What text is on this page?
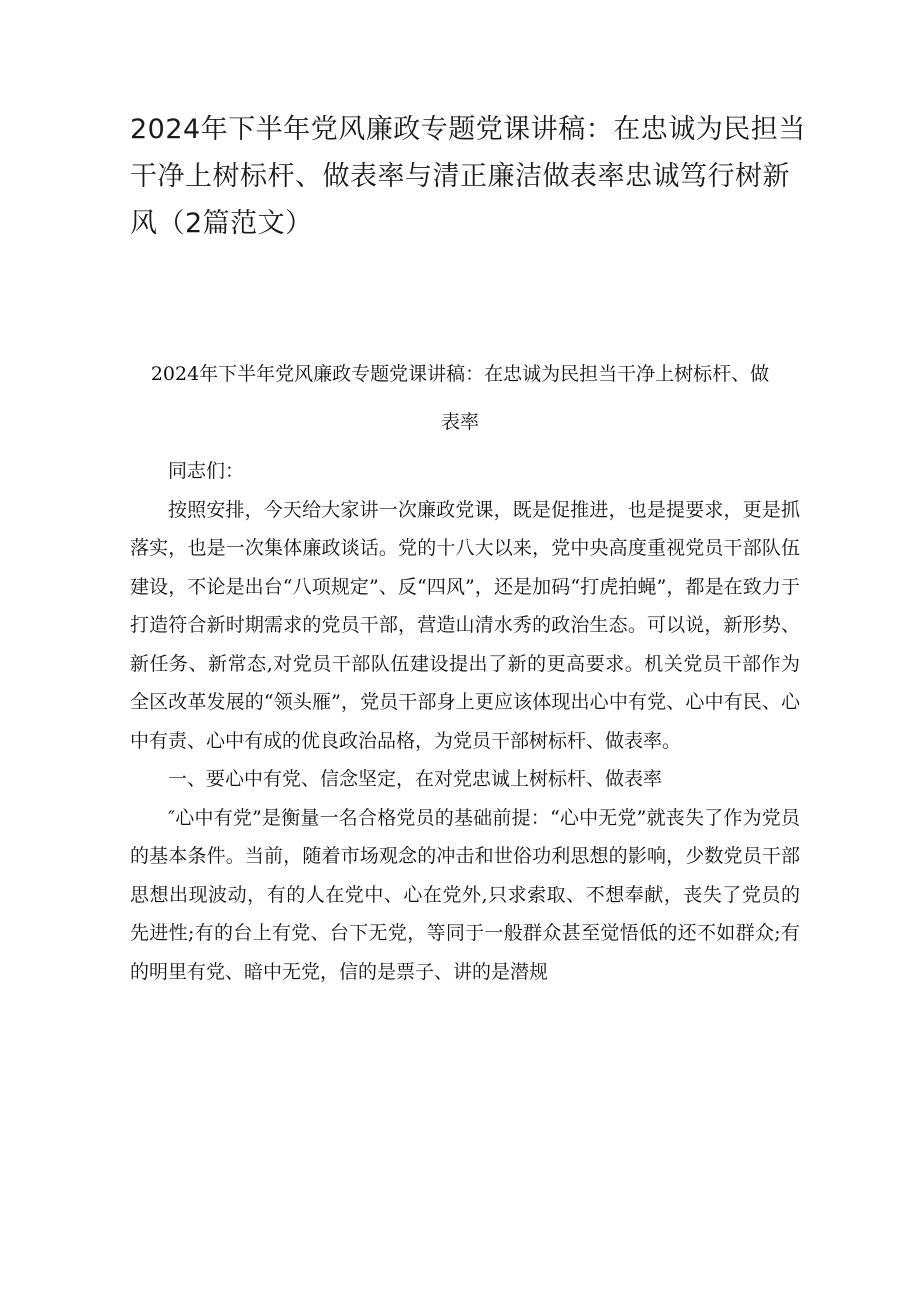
2024年下半年党风廉政专题党课讲稿：在忠诚为民担当干净上树标杆、做表率与清正廉洁做表率忠诚笃行树新风（2篇范文）
2024年下半年党风廉政专题党课讲稿：在忠诚为民担当干净上树标杆、做表率

同志们：

按照安排，今天给大家讲一次廉政党课，既是促推进，也是提要求，更是抓落实，也是一次集体廉政谈话。党的十八大以来，党中央高度重视党员干部队伍建设，不论是出台“八项规定”、反“四风”，还是加码“打虎拍蝇”，都是在致力于打造符合新时期需求的党员干部，营造山清水秀的政治生态。可以说，新形势、新任务、新常态,对党员干部队伍建设提出了新的更高要求。机关党员干部作为全区改革发展的“领头雁”，党员干部身上更应该体现出心中有党、心中有民、心中有责、心中有成的优良政治品格，为党员干部树标杆、做表率。

一、要心中有党、信念坚定，在对党忠诚上树标杆、做表率

″心中有党”是衡量一名合格党员的基础前提：“心中无党”就丧失了作为党员的基本条件。当前，随着市场观念的冲击和世俗功利思想的影响，少数党员干部思想出现波动，有的人在党中、心在党外,只求索取、不想奉献，丧失了党员的先进性;有的台上有党、台下无党，等同于一般群众甚至觉悟低的还不如群众;有的明里有党、暗中无党，信的是票子、讲的是潜规
